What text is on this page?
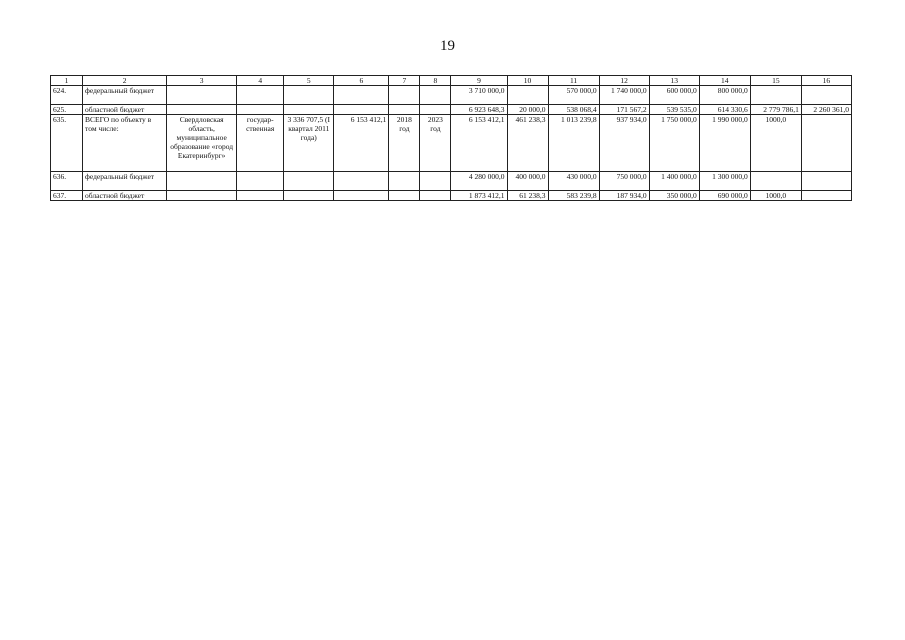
19
1	2	3	4	5	6	7	8	9	10	11	12	13	14	15	16
624.	федеральный бюджет							3 710 000,0		570 000,0	1 740 000,0	600 000,0	800 000,0		
625.	областной бюджет							6 923 648,3	20 000,0	538 068,4	171 567,2	539 535,0	614 330,6	2 779 786,1	2 260 361,0
635.	ВСЕГО по объекту в том числе:	Свердловская область, муниципальное образование «город Екатеринбург»	государ-ственная	3 336 707,5 (I квартал 2011 года)	6 153 412,1	2018 год	2023 год	6 153 412,1	461 238,3	1 013 239,8	937 934,0	1 750 000,0	1 990 000,0	1000,0	
636.	федеральный бюджет							4 280 000,0	400 000,0	430 000,0	750 000,0	1 400 000,0	1 300 000,0		
637.	областной бюджет							1 873 412,1	61 238,3	583 239,8	187 934,0	350 000,0	690 000,0	1000,0	
